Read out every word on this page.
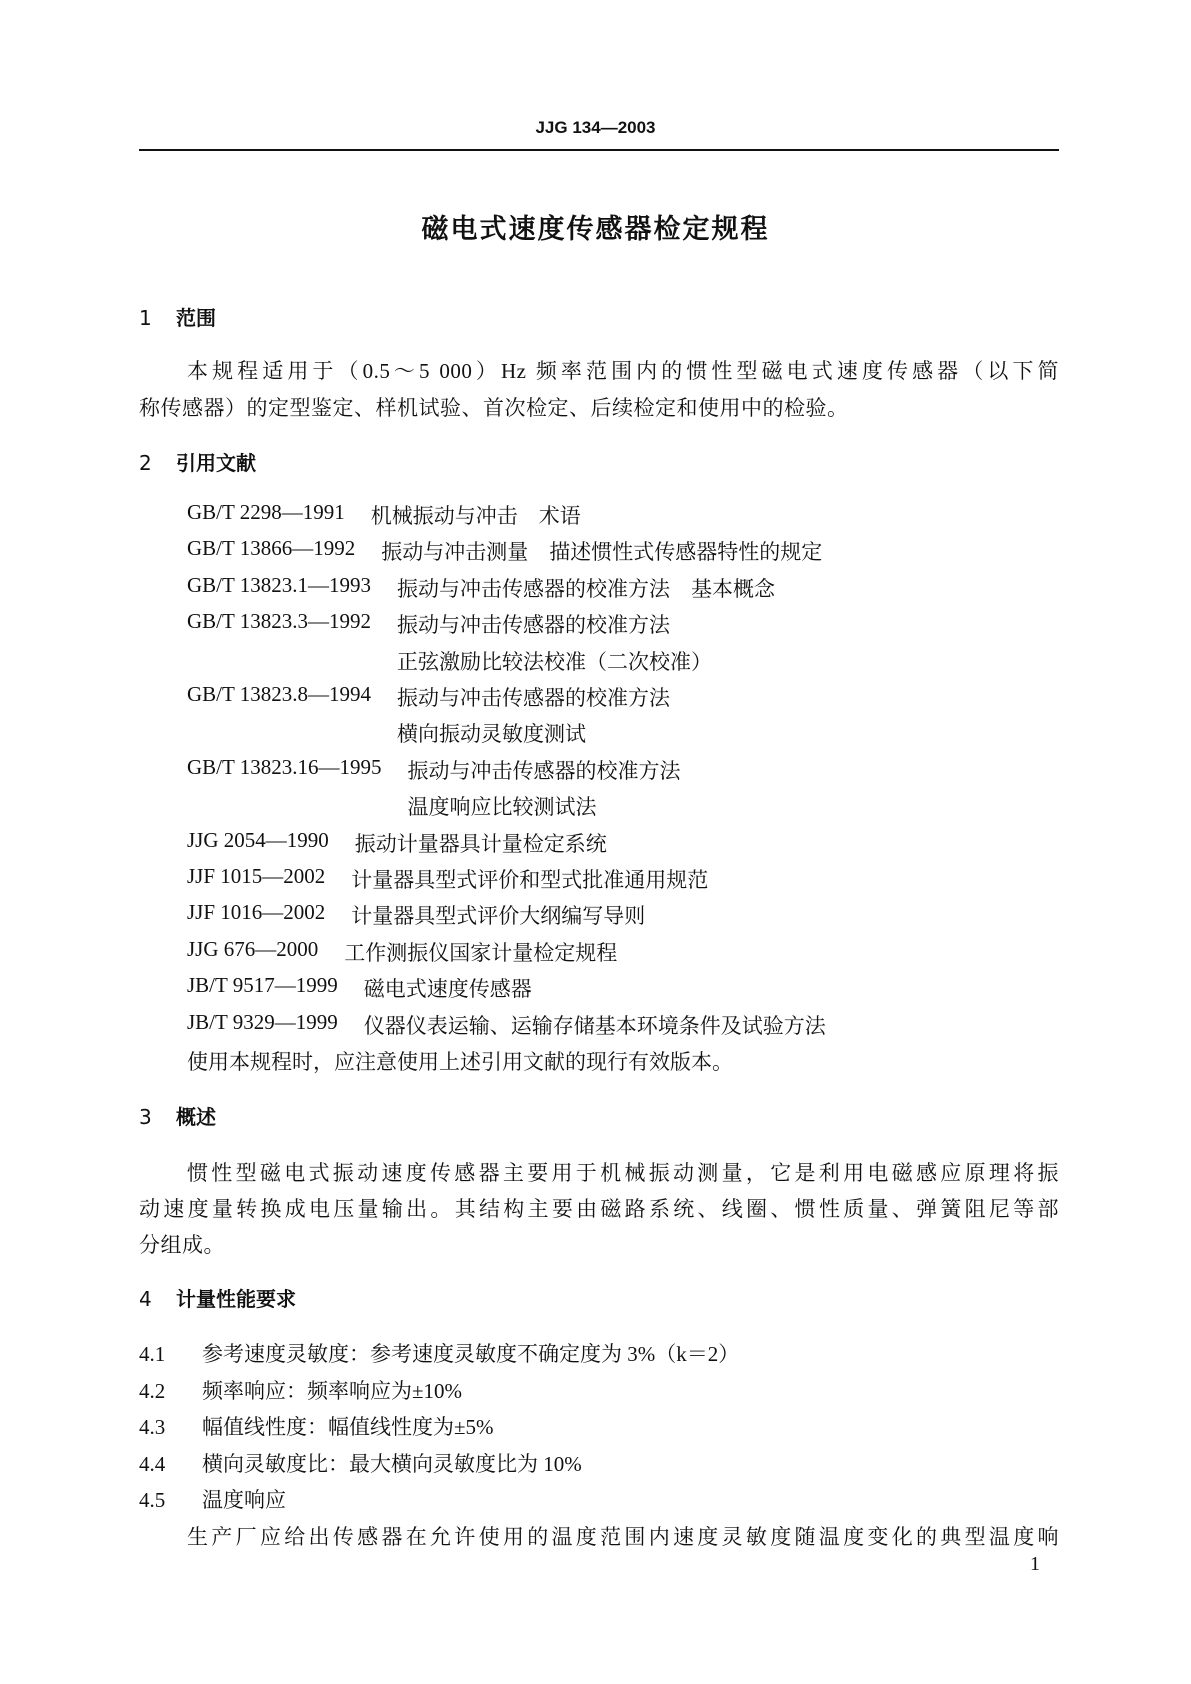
JJG 134—2003
磁电式速度传感器检定规程
1 范围
本规程适用于（0.5～5 000）Hz 频率范围内的惯性型磁电式速度传感器（以下简
称传感器）的定型鉴定、样机试验、首次检定、后续检定和使用中的检验。
2 引用文献
GB/T 2298—1991 机械振动与冲击　术语
GB/T 13866—1992 振动与冲击测量　描述惯性式传感器特性的规定
GB/T 13823.1—1993 振动与冲击传感器的校准方法　基本概念
GB/T 13823.3—1992 振动与冲击传感器的校准方法
正弦激励比较法校准（二次校准）
GB/T 13823.8—1994 振动与冲击传感器的校准方法
横向振动灵敏度测试
GB/T 13823.16—1995 振动与冲击传感器的校准方法
温度响应比较测试法
JJG 2054—1990 振动计量器具计量检定系统
JJF 1015—2002 计量器具型式评价和型式批准通用规范
JJF 1016—2002 计量器具型式评价大纲编写导则
JJG 676—2000 工作测振仪国家计量检定规程
JB/T 9517—1999 磁电式速度传感器
JB/T 9329—1999 仪器仪表运输、运输存储基本环境条件及试验方法
使用本规程时，应注意使用上述引用文献的现行有效版本。
3 概述
惯性型磁电式振动速度传感器主要用于机械振动测量，它是利用电磁感应原理将振
动速度量转换成电压量输出。其结构主要由磁路系统、线圈、惯性质量、弹簧阻尼等部
分组成。
4 计量性能要求
4.1 参考速度灵敏度：参考速度灵敏度不确定度为 3%（k＝2）
4.2 频率响应：频率响应为±10%
4.3 幅值线性度：幅值线性度为±5%
4.4 横向灵敏度比：最大横向灵敏度比为 10%
4.5 温度响应
生产厂应给出传感器在允许使用的温度范围内速度灵敏度随温度变化的典型温度响
1
